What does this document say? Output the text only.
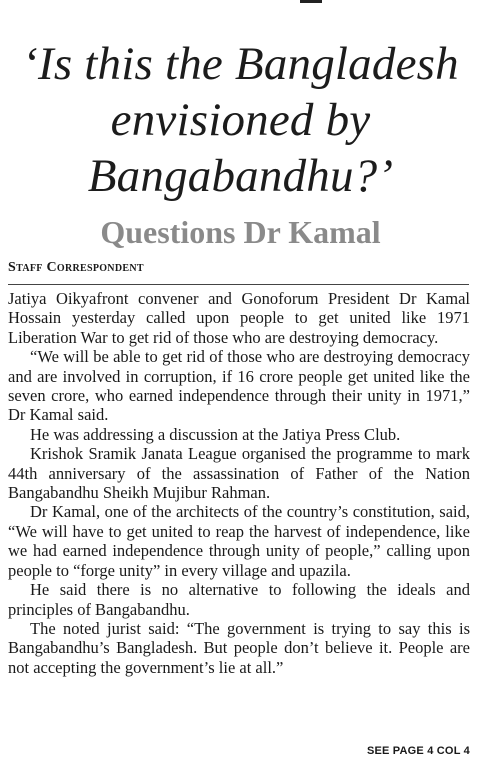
‘Is this the Bangladesh envisioned by Bangabandhu?’
Questions Dr Kamal
Staff Correspondent

Jatiya Oikyafront convener and Gonoforum President Dr Kamal Hossain yesterday called upon people to get united like 1971 Liberation War to get rid of those who are destroying democracy.

“We will be able to get rid of those who are destroying democracy and are involved in corruption, if 16 crore people get united like the seven crore, who earned independence through their unity in 1971,” Dr Kamal said.

He was addressing a discussion at the Jatiya Press Club.

Krishok Sramik Janata League organised the programme to mark 44th anniversary of the assassination of Father of the Nation Bangabandhu Sheikh Mujibur Rahman.

Dr Kamal, one of the architects of the country’s constitution, said, “We will have to get united to reap the harvest of independence, like we had earned independence through unity of people,” calling upon people to “forge unity” in every village and upazila.

He said there is no alternative to following the ideals and principles of Bangabandhu.

The noted jurist said: “The government is trying to say this is Bangabandhu’s Bangladesh. But people don’t believe it. People are not accepting the government’s lie at all.”

SEE PAGE 4 COL 4
